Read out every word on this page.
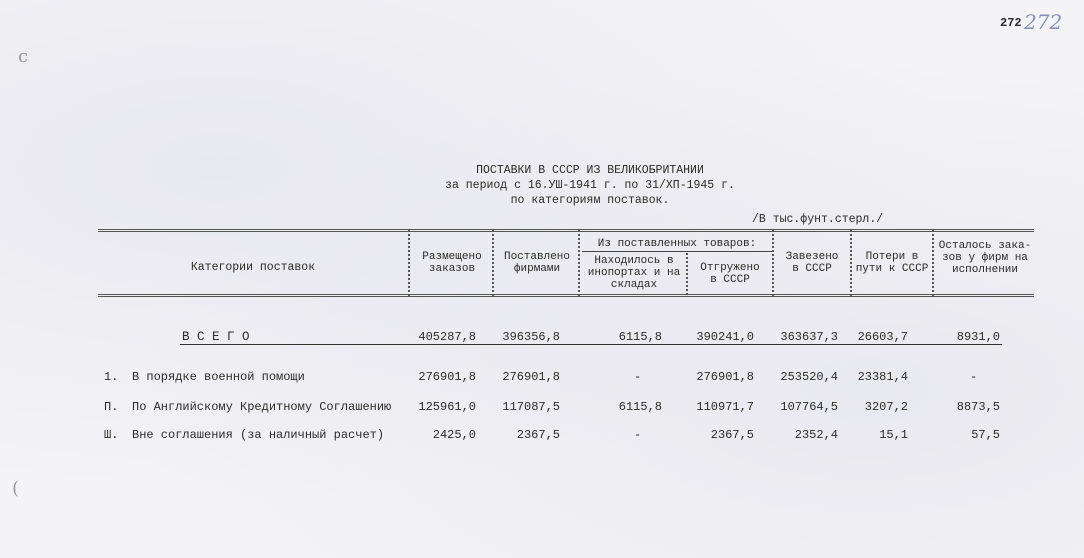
c
(
272 272
ПОСТАВКИ В СССР ИЗ ВЕЛИКОБРИТАНИИ
за период с 16.УШ-1941 г. по 31/ХП-1945 г.
по категориям поставок.
/В тыс.фунт.стерл./
Категории поставок
Размещено
заказов
Поставлено
фирмами
Из поставленных товаров:
Находилось в
инопортах и на
складах
Отгружено
в СССР
Завезено
в СССР
Потери в
пути к СССР
Осталось зака-
зов у фирм на
исполнении
В С Е Г О	405287,8	396356,8	6115,8	390241,0	363637,3	26603,7	8931,0
1. В порядке военной помощи	276901,8	276901,8	-	276901,8	253520,4	23381,4	-
П. По Английскому Кредитному Соглашению	125961,0	117087,5	6115,8	110971,7	107764,5	3207,2	8873,5
Ш. Вне соглашения (за наличный расчет)	2425,0	2367,5	-	2367,5	2352,4	15,1	57,5
